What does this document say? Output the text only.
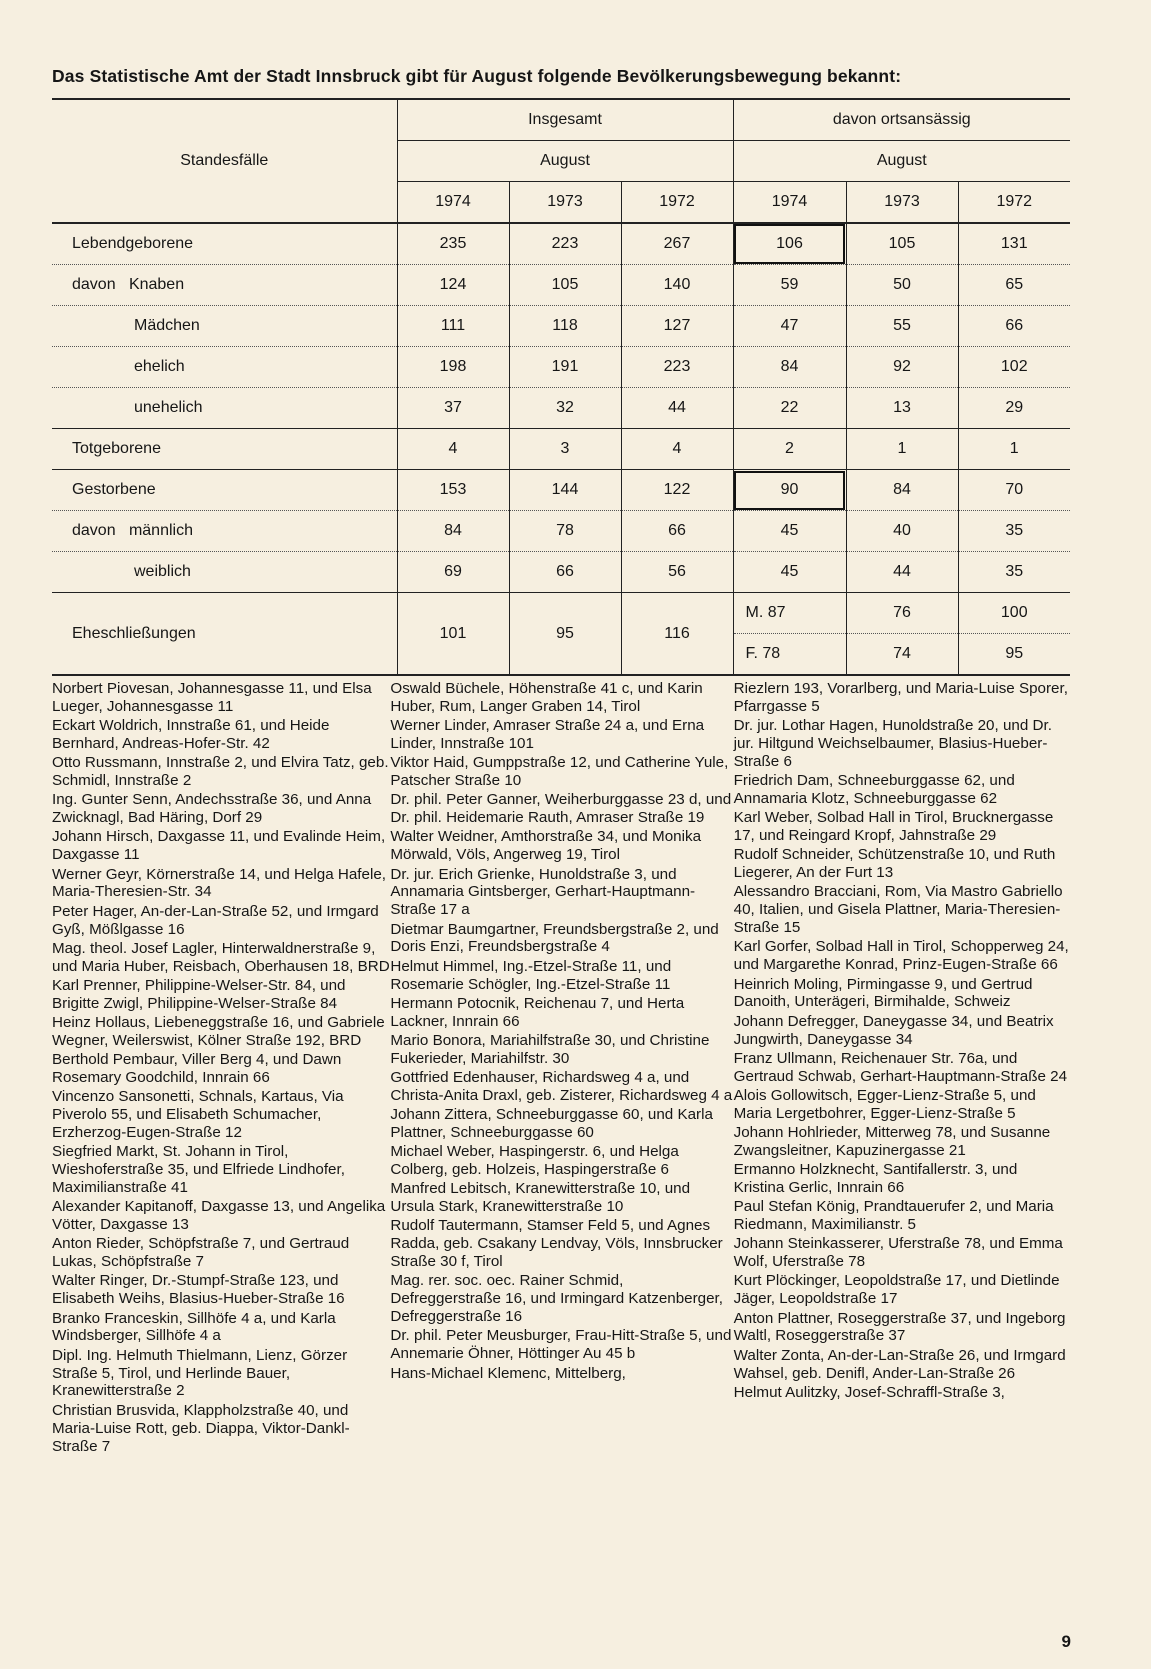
Das Statistische Amt der Stadt Innsbruck gibt für August folgende Bevölkerungsbewegung bekannt:
Standesfälle	Insgesamt			davon ortsansässig		
	August			August		
	1974	1973	1972	1974	1973	1972
Lebendgeborene	235	223	267	106	105	131
davon Knaben	124	105	140	59	50	65
Mädchen	111	118	127	47	55	66
ehelich	198	191	223	84	92	102
unehelich	37	32	44	22	13	29
Totgeborene	4	3	4	2	1	1
Gestorbene	153	144	122	90	84	70
davon männlich	84	78	66	45	40	35
weiblich	69	66	56	45	44	35
Eheschließungen	101	95	116	M. 87	76	100
				F. 78	74	95
Norbert Piovesan, Johannesgasse 11, und Elsa Lueger, Johannesgasse 11
Eckart Woldrich, Innstraße 61, und Heide Bernhard, Andreas-Hofer-Str. 42
Otto Russmann, Innstraße 2, und Elvira Tatz, geb. Schmidl, Innstraße 2
Ing. Gunter Senn, Andechsstraße 36, und Anna Zwicknagl, Bad Häring, Dorf 29
Johann Hirsch, Daxgasse 11, und Evalinde Heim, Daxgasse 11
Werner Geyr, Körnerstraße 14, und Helga Hafele, Maria-Theresien-Str. 34
Peter Hager, An-der-Lan-Straße 52, und Irmgard Gyß, Mößlgasse 16
Mag. theol. Josef Lagler, Hinterwaldnerstraße 9, und Maria Huber, Reisbach, Oberhausen 18, BRD
Karl Prenner, Philippine-Welser-Str. 84, und Brigitte Zwigl, Philippine-Welser-Straße 84
Heinz Hollaus, Liebeneggstraße 16, und Gabriele Wegner, Weilerswist, Kölner Straße 192, BRD
Berthold Pembaur, Viller Berg 4, und Dawn Rosemary Goodchild, Innrain 66
Vincenzo Sansonetti, Schnals, Kartaus, Via Piverolo 55, und Elisabeth Schumacher, Erzherzog-Eugen-Straße 12
Siegfried Markt, St. Johann in Tirol, Wieshoferstraße 35, und Elfriede Lindhofer, Maximilianstraße 41
Alexander Kapitanoff, Daxgasse 13, und Angelika Vötter, Daxgasse 13
Anton Rieder, Schöpfstraße 7, und Gertraud Lukas, Schöpfstraße 7
Walter Ringer, Dr.-Stumpf-Straße 123, und Elisabeth Weihs, Blasius-Hueber-Straße 16
Branko Franceskin, Sillhöfe 4 a, und Karla Windsberger, Sillhöfe 4 a
Dipl. Ing. Helmuth Thielmann, Lienz, Görzer Straße 5, Tirol, und Herlinde Bauer, Kranewitterstraße 2
Christian Brusvida, Klappholzstraße 40, und Maria-Luise Rott, geb. Diappa, Viktor-Dankl-Straße 7
Oswald Büchele, Höhenstraße 41 c, und Karin Huber, Rum, Langer Graben 14, Tirol
Werner Linder, Amraser Straße 24 a, und Erna Linder, Innstraße 101
Viktor Haid, Gumppstraße 12, und Catherine Yule, Patscher Straße 10
Dr. phil. Peter Ganner, Weiherburggasse 23 d, und Dr. phil. Heidemarie Rauth, Amraser Straße 19
Walter Weidner, Amthorstraße 34, und Monika Mörwald, Völs, Angerweg 19, Tirol
Dr. jur. Erich Grienke, Hunoldstraße 3, und Annamaria Gintsberger, Gerhart-Hauptmann-Straße 17 a
Dietmar Baumgartner, Freundsbergstraße 2, und Doris Enzi, Freundsbergstraße 4
Helmut Himmel, Ing.-Etzel-Straße 11, und Rosemarie Schögler, Ing.-Etzel-Straße 11
Hermann Potocnik, Reichenau 7, und Herta Lackner, Innrain 66
Mario Bonora, Mariahilfstraße 30, und Christine Fukerieder, Mariahilfstr. 30
Gottfried Edenhauser, Richardsweg 4 a, und Christa-Anita Draxl, geb. Zisterer, Richardsweg 4 a
Johann Zittera, Schneeburggasse 60, und Karla Plattner, Schneeburggasse 60
Michael Weber, Haspingerstr. 6, und Helga Colberg, geb. Holzeis, Haspingerstraße 6
Manfred Lebitsch, Kranewitterstraße 10, und Ursula Stark, Kranewitterstraße 10
Rudolf Tautermann, Stamser Feld 5, und Agnes Radda, geb. Csakany Lendvay, Völs, Innsbrucker Straße 30 f, Tirol
Mag. rer. soc. oec. Rainer Schmid, Defreggerstraße 16, und Irmingard Katzenberger, Defreggerstraße 16
Dr. phil. Peter Meusburger, Frau-Hitt-Straße 5, und Annemarie Öhner, Höttinger Au 45 b
Hans-Michael Klemenc, Mittelberg,
Riezlern 193, Vorarlberg, und Maria-Luise Sporer, Pfarrgasse 5
Dr. jur. Lothar Hagen, Hunoldstraße 20, und Dr. jur. Hiltgund Weichselbaumer, Blasius-Hueber-Straße 6
Friedrich Dam, Schneeburggasse 62, und Annamaria Klotz, Schneeburggasse 62
Karl Weber, Solbad Hall in Tirol, Brucknergasse 17, und Reingard Kropf, Jahnstraße 29
Rudolf Schneider, Schützenstraße 10, und Ruth Liegerer, An der Furt 13
Alessandro Bracciani, Rom, Via Mastro Gabriello 40, Italien, und Gisela Plattner, Maria-Theresien-Straße 15
Karl Gorfer, Solbad Hall in Tirol, Schopperweg 24, und Margarethe Konrad, Prinz-Eugen-Straße 66
Heinrich Moling, Pirmingasse 9, und Gertrud Danoith, Unterägeri, Birmihalde, Schweiz
Johann Defregger, Daneygasse 34, und Beatrix Jungwirth, Daneygasse 34
Franz Ullmann, Reichenauer Str. 76a, und Gertraud Schwab, Gerhart-Hauptmann-Straße 24
Alois Gollowitsch, Egger-Lienz-Straße 5, und Maria Lergetbohrer, Egger-Lienz-Straße 5
Johann Hohlrieder, Mitterweg 78, und Susanne Zwangsleitner, Kapuzinergasse 21
Ermanno Holzknecht, Santifallerstr. 3, und Kristina Gerlic, Innrain 66
Paul Stefan König, Prandtauerufer 2, und Maria Riedmann, Maximilianstr. 5
Johann Steinkasserer, Uferstraße 78, und Emma Wolf, Uferstraße 78
Kurt Plöckinger, Leopoldstraße 17, und Dietlinde Jäger, Leopoldstraße 17
Anton Plattner, Roseggerstraße 37, und Ingeborg Waltl, Roseggerstraße 37
Walter Zonta, An-der-Lan-Straße 26, und Irmgard Wahsel, geb. Denifl, Ander-Lan-Straße 26
Helmut Aulitzky, Josef-Schraffl-Straße 3,
9
